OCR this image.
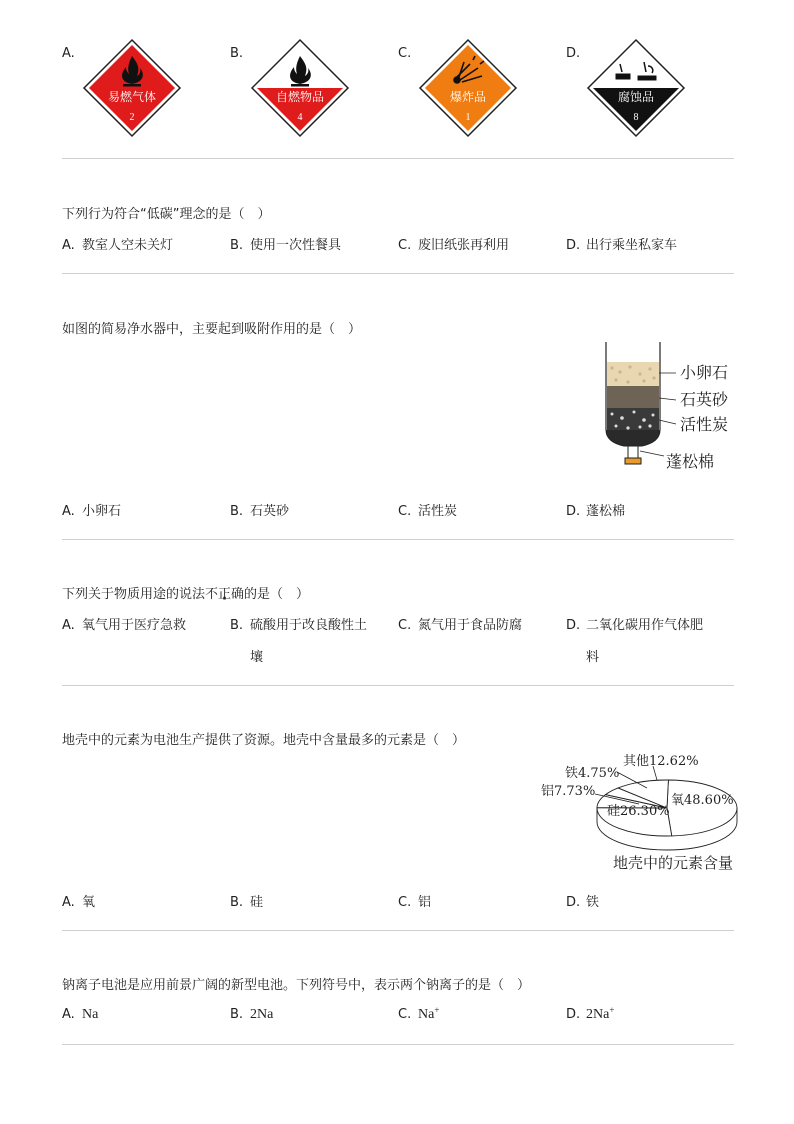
A.
易燃气体
2
B.
自燃物品
4
C.
爆炸品
1
D.
腐蚀品
8
下列行为符合“低碳”理念的是（　）
A. 教室人空未关灯	B. 使用一次性餐具	C. 废旧纸张再利用	D. 出行乘坐私家车
如图的简易净水器中，主要起到吸附作用的是（　）
小卵石
石英砂
活性炭
蓬松棉
A. 小卵石	B. 石英砂	C. 活性炭	D. 蓬松棉
下列关于物质用途的说法不正确的是（　）
A. 氧气用于医疗急救	B. 硫酸用于改良酸性土
壤
C. 氮气用于食品防腐	D. 二氧化碳用作气体肥
料
地壳中的元素为电池生产提供了资源。地壳中含量最多的元素是（　）
氧48.60%
硅26.30%
铝7.73%
铁4.75%
其他12.62%
地壳中的元素含量
A. 氧	B. 硅	C. 铝	D. 铁
钠离子电池是应用前景广阔的新型电池。下列符号中，表示两个钠离子的是（　）
A. Na	B. 2Na	C. Na+	D. 2Na+
